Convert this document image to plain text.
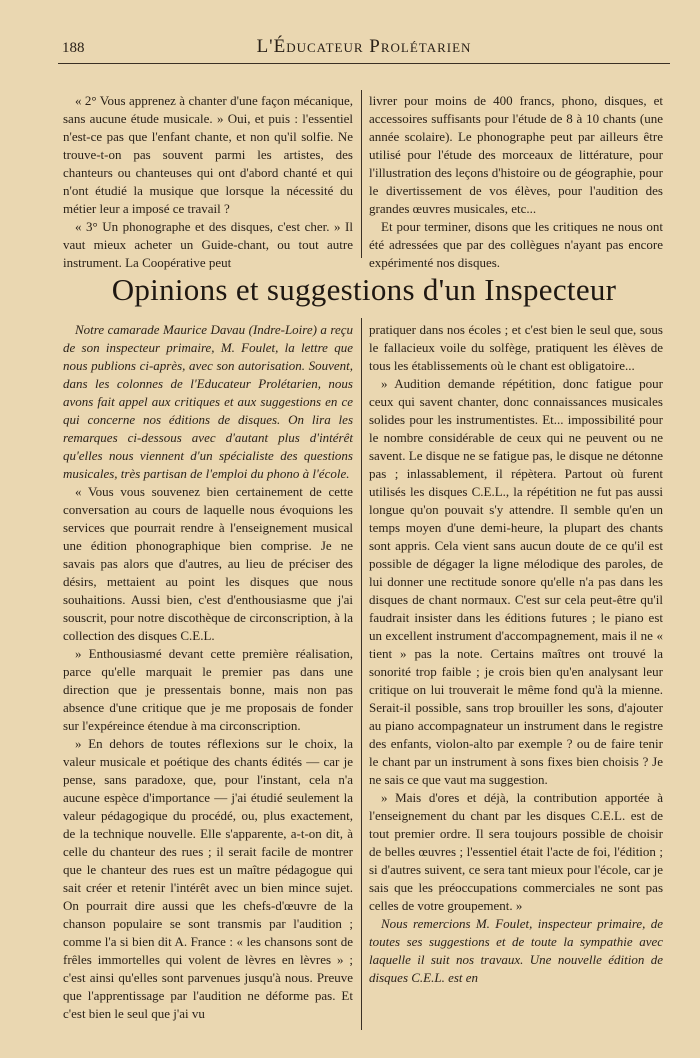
188	L'Éducateur Prolétarien

« 2° Vous apprenez à chanter d'une façon mécanique, sans aucune étude musicale. » Oui, et puis : l'essentiel n'est-ce pas que l'enfant chante, et non qu'il solfie. Ne trouve-t-on pas souvent parmi les artistes, des chanteurs ou chanteuses qui ont d'abord chanté et qui n'ont étudié la musique que lorsque la nécessité du métier leur a imposé ce travail ?

« 3° Un phonographe et des disques, c'est cher. » Il vaut mieux acheter un Guide-chant, ou tout autre instrument. La Coopérative peut

livrer pour moins de 400 francs, phono, disques, et accessoires suffisants pour l'étude de 8 à 10 chants (une année scolaire). Le phonographe peut par ailleurs être utilisé pour l'étude des morceaux de littérature, pour l'illustration des leçons d'histoire ou de géographie, pour le divertissement de vos élèves, pour l'audition des grandes œuvres musicales, etc...

Et pour terminer, disons que les critiques ne nous ont été adressées que par des collègues n'ayant pas encore expérimenté nos disques.

Opinions et suggestions d'un Inspecteur

Notre camarade Maurice Davau (Indre-Loire) a reçu de son inspecteur primaire, M. Foulet, la lettre que nous publions ci-après, avec son autorisation. Souvent, dans les colonnes de l'Educateur Prolétarien, nous avons fait appel aux critiques et aux suggestions en ce qui concerne nos éditions de disques. On lira les remarques ci-dessous avec d'autant plus d'intérêt qu'elles nous viennent d'un spécialiste des questions musicales, très partisan de l'emploi du phono à l'école.

« Vous vous souvenez bien certainement de cette conversation au cours de laquelle nous évoquions les services que pourrait rendre à l'enseignement musical une édition phonographique bien comprise. Je ne savais pas alors que d'autres, au lieu de préciser des désirs, mettaient au point les disques que nous souhaitions. Aussi bien, c'est d'enthousiasme que j'ai souscrit, pour notre discothèque de circonscription, à la collection des disques C.E.L.

» Enthousiasmé devant cette première réalisation, parce qu'elle marquait le premier pas dans une direction que je pressentais bonne, mais non pas absence d'une critique que je me proposais de fonder sur l'expéreince étendue à ma circonscription.

» En dehors de toutes réflexions sur le choix, la valeur musicale et poétique des chants édités — car je pense, sans paradoxe, que, pour l'instant, cela n'a aucune espèce d'importance — j'ai étudié seulement la valeur pédagogique du procédé, ou, plus exactement, de la technique nouvelle. Elle s'apparente, a-t-on dit, à celle du chanteur des rues ; il serait facile de montrer que le chanteur des rues est un maître pédagogue qui sait créer et retenir l'intérêt avec un bien mince sujet. On pourrait dire aussi que les chefs-d'œuvre de la chanson populaire se sont transmis par l'audition ; comme l'a si bien dit A. France : « les chansons sont de frêles immortelles qui volent de lèvres en lèvres » ; c'est ainsi qu'elles sont parvenues jusqu'à nous. Preuve que l'apprentissage par l'audition ne déforme pas. Et c'est bien le seul que j'ai vu

pratiquer dans nos écoles ; et c'est bien le seul que, sous le fallacieux voile du solfège, pratiquent les élèves de tous les établissements où le chant est obligatoire...

» Audition demande répétition, donc fatigue pour ceux qui savent chanter, donc connaissances musicales solides pour les instrumentistes. Et... impossibilité pour le nombre considérable de ceux qui ne peuvent ou ne savent. Le disque ne se fatigue pas, le disque ne détonne pas ; inlassablement, il répètera. Partout où furent utilisés les disques C.E.L., la répétition ne fut pas aussi longue qu'on pouvait s'y attendre. Il semble qu'en un temps moyen d'une demi-heure, la plupart des chants sont appris. Cela vient sans aucun doute de ce qu'il est possible de dégager la ligne mélodique des paroles, de lui donner une rectitude sonore qu'elle n'a pas dans les disques de chant normaux. C'est sur cela peut-être qu'il faudrait insister dans les éditions futures ; le piano est un excellent instrument d'accompagnement, mais il ne « tient » pas la note. Certains maîtres ont trouvé la sonorité trop faible ; je crois bien qu'en analysant leur critique on lui trouverait le même fond qu'à la mienne. Serait-il possible, sans trop brouiller les sons, d'ajouter au piano accompagnateur un instrument dans le registre des enfants, violon-alto par exemple ? ou de faire tenir le chant par un instrument à sons fixes bien choisis ? Je ne sais ce que vaut ma suggestion.

» Mais d'ores et déjà, la contribution apportée à l'enseignement du chant par les disques C.E.L. est de tout premier ordre. Il sera toujours possible de choisir de belles œuvres ; l'essentiel était l'acte de foi, l'édition ; si d'autres suivent, ce sera tant mieux pour l'école, car je sais que les préoccupations commerciales ne sont pas celles de votre groupement. »

Nous remercions M. Foulet, inspecteur primaire, de toutes ses suggestions et de toute la sympathie avec laquelle il suit nos travaux. Une nouvelle édition de disques C.E.L. est en
